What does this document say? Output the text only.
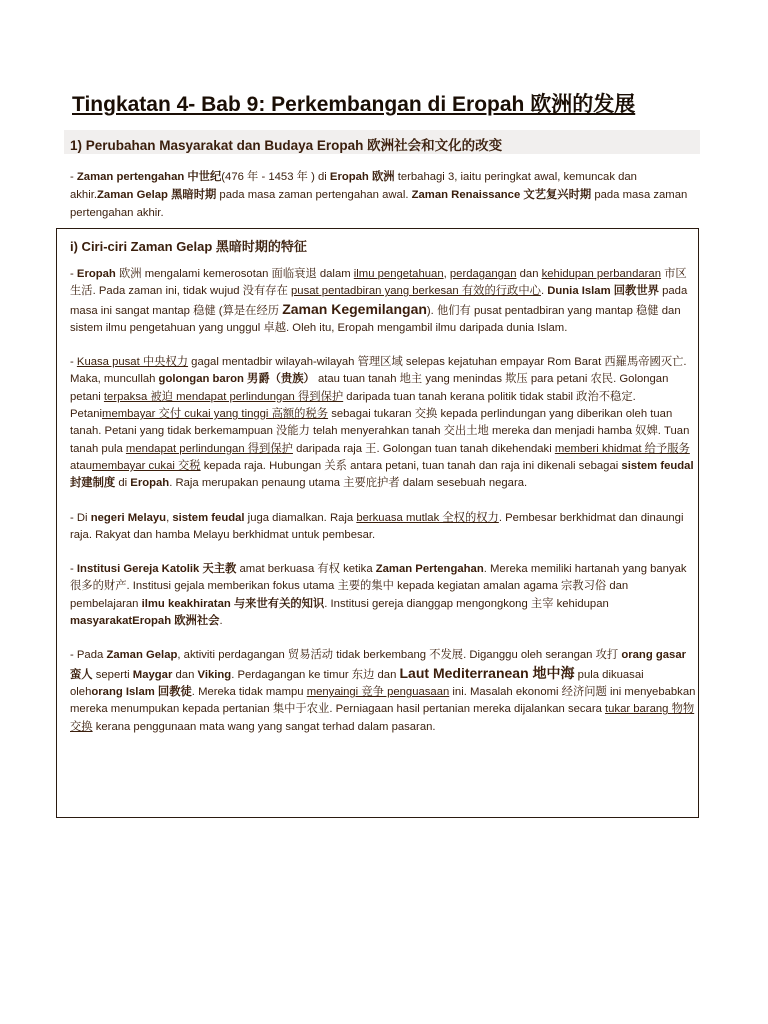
Tingkatan 4- Bab 9: Perkembangan di Eropah 欧洲的发展
1) Perubahan Masyarakat dan Budaya Eropah 欧洲社会和文化的改变
- Zaman pertengahan 中世纪(476 年 - 1453 年 ) di Eropah 欧洲 terbahagi 3, iaitu peringkat awal, kemuncak dan akhir.Zaman Gelap 黑暗时期 pada masa zaman pertengahan awal. Zaman Renaissance 文艺复兴时期 pada masa zaman pertengahan akhir.
i) Ciri-ciri Zaman Gelap 黑暗时期的特征

- Eropah 欧洲 mengalami kemerosotan 面临衰退 dalam ilmu pengetahuan, perdagangan dan kehidupan perbandaran 市区生活. Pada zaman ini, tidak wujud 没有存在 pusat pentadbiran yang berkesan 有效的行政中心. Dunia Islam 回教世界 pada masa ini sangat mantap 稳健 (算是在经历 Zaman Kegemilangan). 他们有 pusat pentadbiran yang mantap 稳健 dan sistem ilmu pengetahuan yang unggul 卓越. Oleh itu, Eropah mengambil ilmu daripada dunia Islam.

- Kuasa pusat 中央权力 gagal mentadbir wilayah-wilayah 管理区域 selepas kejatuhan empayar Rom Barat 西羅馬帝國灭亡. Maka, muncullah golongan baron 男爵（贵族） atau tuan tanah 地主 yang menindas 欺压 para petani 农民. Golongan petani terpaksa 被迫 mendapat perlindungan 得到保护 daripada tuan tanah kerana politik tidak stabil 政治不稳定. Petanimembayar 交付 cukai yang tinggi 高额的税务 sebagai tukaran 交换 kepada perlindungan yang diberikan oleh tuan tanah. Petani yang tidak berkemampuan 没能力 telah menyerahkan tanah 交出土地 mereka dan menjadi hamba 奴婢. Tuan tanah pula mendapat perlindungan 得到保护 daripada raja 王. Golongan tuan tanah dikehendaki memberi khidmat 给予服务 ataumembayar cukai 交税 kepada raja. Hubungan 关系 antara petani, tuan tanah dan raja ini dikenali sebagai sistem feudal 封建制度 di Eropah. Raja merupakan penaung utama 主要庇护者 dalam sesebuah negara.

- Di negeri Melayu, sistem feudal juga diamalkan. Raja berkuasa mutlak 全权的权力. Pembesar berkhidmat dan dinaungi raja. Rakyat dan hamba Melayu berkhidmat untuk pembesar.

- Institusi Gereja Katolik 天主教 amat berkuasa 有权 ketika Zaman Pertengahan. Mereka memiliki hartanah yang banyak 很多的财产. Institusi gejala memberikan fokus utama 主要的集中 kepada kegiatan amalan agama 宗教习俗 dan pembelajaran ilmu keakhiratan 与来世有关的知识. Institusi gereja dianggap mengongkong 主宰 kehidupan masyarakatEropah 欧洲社会.

- Pada Zaman Gelap, aktiviti perdagangan 贸易活动 tidak berkembang 不发展. Diganggu oleh serangan 攻打 orang gasar 蛮人 seperti Maygar dan Viking. Perdagangan ke timur 东边 dan Laut Mediterranean 地中海 pula dikuasai olehorang Islam 回教徒. Mereka tidak mampu menyaingi 竞争 penguasaan ini. Masalah ekonomi 经济问题 ini menyebabkan mereka menumpukan kepada pertanian 集中于农业. Perniagaan hasil pertanian mereka dijalankan secara tukar barang 物物交换 kerana penggunaan mata wang yang sangat terhad dalam pasaran.
